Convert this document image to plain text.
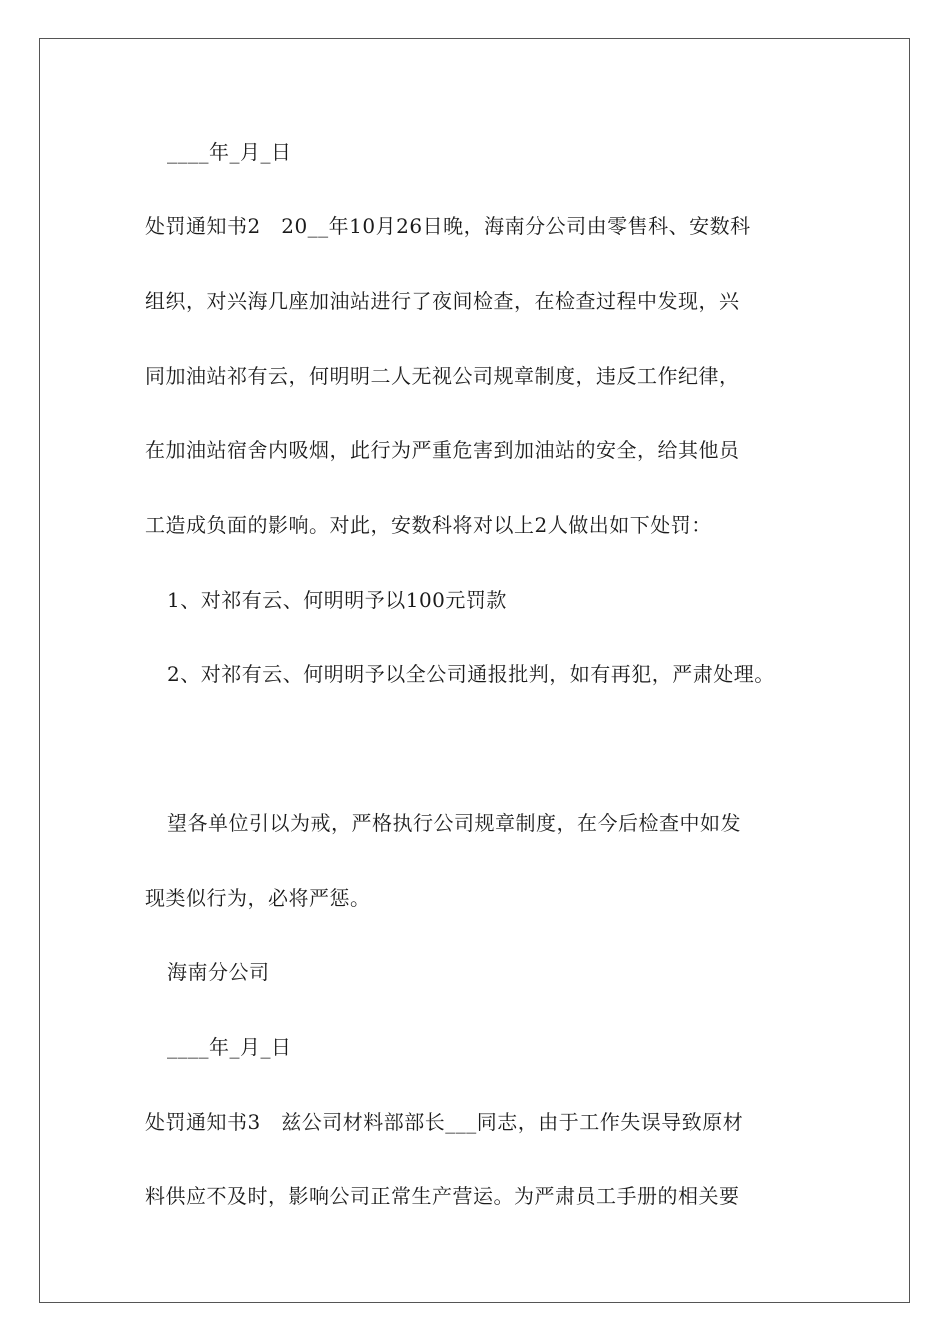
____年_月_日
处罚通知书2　20__年10月26日晚，海南分公司由零售科、安数科
组织，对兴海几座加油站进行了夜间检查，在检查过程中发现，兴
同加油站祁有云，何明明二人无视公司规章制度，违反工作纪律，
在加油站宿舍内吸烟，此行为严重危害到加油站的安全，给其他员
工造成负面的影响。对此，安数科将对以上2人做出如下处罚：
1、对祁有云、何明明予以100元罚款
2、对祁有云、何明明予以全公司通报批判，如有再犯，严肃处理。
望各单位引以为戒，严格执行公司规章制度，在今后检查中如发
现类似行为，必将严惩。
海南分公司
____年_月_日
处罚通知书3　兹公司材料部部长___同志，由于工作失误导致原材
料供应不及时，影响公司正常生产营运。为严肃员工手册的相关要
